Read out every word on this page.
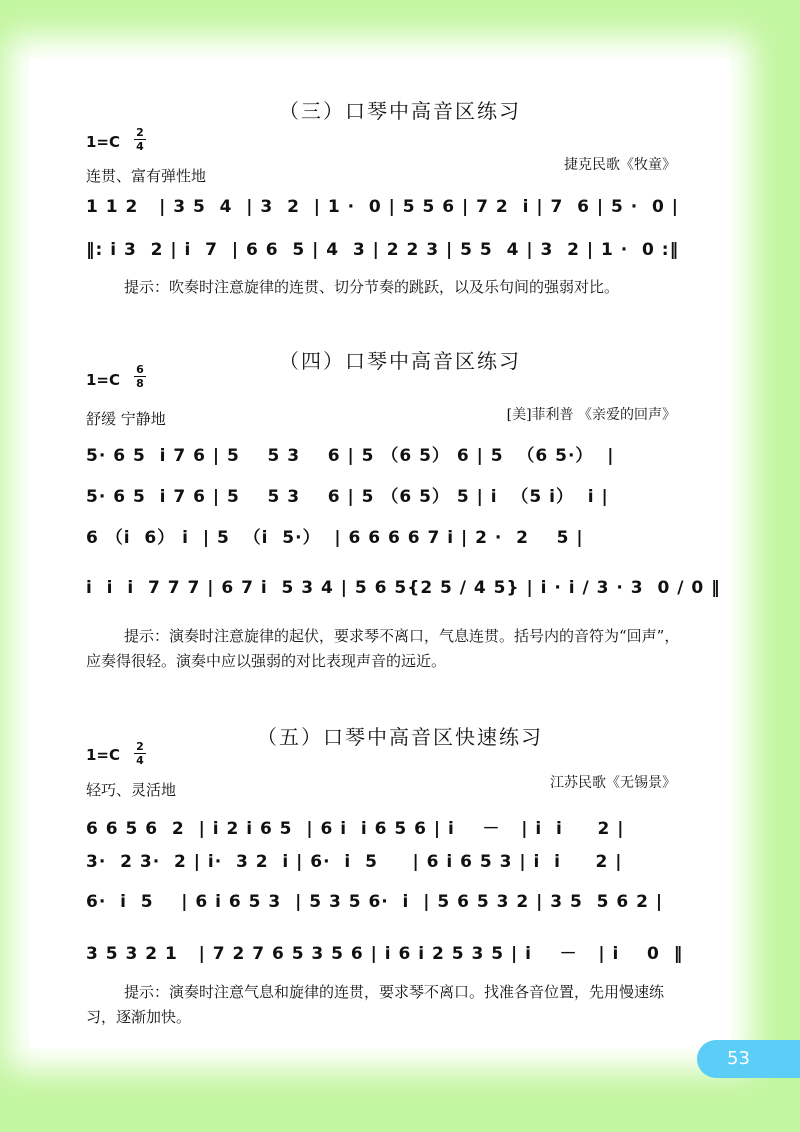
（三）口琴中高音区练习
1=C
2
4
连贯、富有弹性地
捷克民歌《牧童》
1 1 2   | 3 5  4  | 3  2  | 1 ·  0 | 5 5 6 | 7 2  i | 7  6 | 5 ·  0 |
‖: i 3  2 | i  7  | 6 6  5 | 4  3 | 2 2 3 | 5 5  4 | 3  2 | 1 ·  0 :‖
提示：吹奏时注意旋律的连贯、切分节奏的跳跃，以及乐句间的强弱对比。
（四）口琴中高音区练习
1=C
6
8
舒缓 宁静地	[美]菲利普 《亲爱的回声》
5· 6 5  i 7 6 | 5    5 3    6 | 5 （6 5） 6 | 5  （6 5·）  |
5· 6 5  i 7 6 | 5    5 3    6 | 5 （6 5） 5 | i  （5 i）  i |
6 （i  6） i  | 5  （i  5·）  | 6 6 6 6 7 i | 2 ·  2    5 |
i  i  i  7 7 7 | 6 7 i  5 3 4 | 5 6 5{2 5 / 4 5} | i · i / 3 · 3  0 / 0 ‖
提示：演奏时注意旋律的起伏，要求琴不离口，气息连贯。括号内的音符为“回声”，应奏得很轻。演奏中应以强弱的对比表现声音的远近。
（五）口琴中高音区快速练习
1=C 2
4
轻巧、灵活地	江苏民歌《无锡景》
6 6 5 6  2  | i 2 i 6 5  | 6 i  i 6 5 6 | i    －   | i  i     2 |
3·  2 3·  2 | i·  3 2  i | 6·  i  5     | 6 i 6 5 3 | i  i     2 |
6·  i  5    | 6 i 6 5 3  | 5 3 5 6·  i  | 5 6 5 3 2 | 3 5  5 6 2 |
3 5 3 2 1   | 7 2 7 6 5 3 5 6 | i 6 i 2 5 3 5 | i    －   | i    0  ‖
提示：演奏时注意气息和旋律的连贯，要求琴不离口。找准各音位置，先用慢速练习，逐渐加快。
53
